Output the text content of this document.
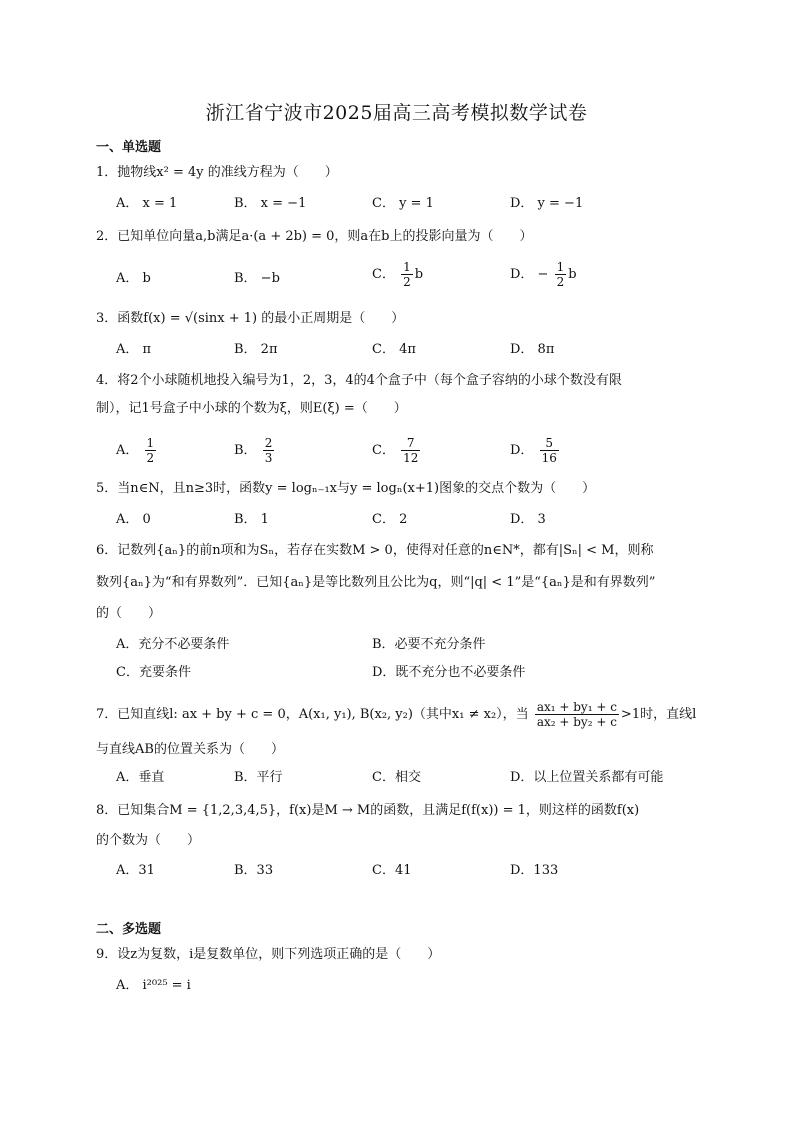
浙江省宁波市2025届高三高考模拟数学试卷
一、单选题
1．抛物线x² = 4y 的准线方程为（　　）
A． x = 1	B． x = −1	C． y = 1	D． y = −1
2．已知单位向量a,b满足a·(a + 2b) = 0，则a在b上的投影向量为（　　）
A． b	B． −b	C． $\frac{1}{2}$ b	D． − $\frac{1}{2}$ b
3．函数f(x) = √(sinx + 1) 的最小正周期是（　　）
A． π	B． 2π	C． 4π	D． 8π
4．将2个小球随机地投入编号为1，2，3，4的4个盒子中（每个盒子容纳的小球个数没有限
制），记1号盒子中小球的个数为ξ，则E(ξ) =（　　）
A． $\frac{1}{2}$	B． $\frac{2}{3}$	C． $\frac{7}{12}$	D． $\frac{5}{16}$
5．当n∈N，且n≥3时，函数y = logₙ₋₁x与y = logₙ(x+1)图象的交点个数为（　　）
A． 0	B． 1	C． 2	D． 3
6．记数列{aₙ}的前n项和为Sₙ，若存在实数M > 0，使得对任意的n∈N*，都有|Sₙ| < M，则称
数列{aₙ}为“和有界数列”．已知{aₙ}是等比数列且公比为q，则“|q| < 1”是“{aₙ}是和有界数列”
的（　　）
A．充分不必要条件	B．必要不充分条件
C．充要条件	D．既不充分也不必要条件
7．已知直线l: ax + by + c = 0，A(x₁, y₁), B(x₂, y₂)（其中x₁ ≠ x₂），当 $\frac{\text{ax₁ + by₁ + c}}{\text{ax₂ + by₂ + c}} >1$时，直线l
与直线AB的位置关系为（　　）
A．垂直	B．平行	C．相交	D．以上位置关系都有可能
8．已知集合M = {1,2,3,4,5}，f(x)是M → M的函数，且满足f(f(x)) = 1，则这样的函数f(x)
的个数为（　　）
A．31	B．33	C．41	D．133
二、多选题
9．设z为复数，i是复数单位，则下列选项正确的是（　　）
A． i²⁰²⁵ = i
